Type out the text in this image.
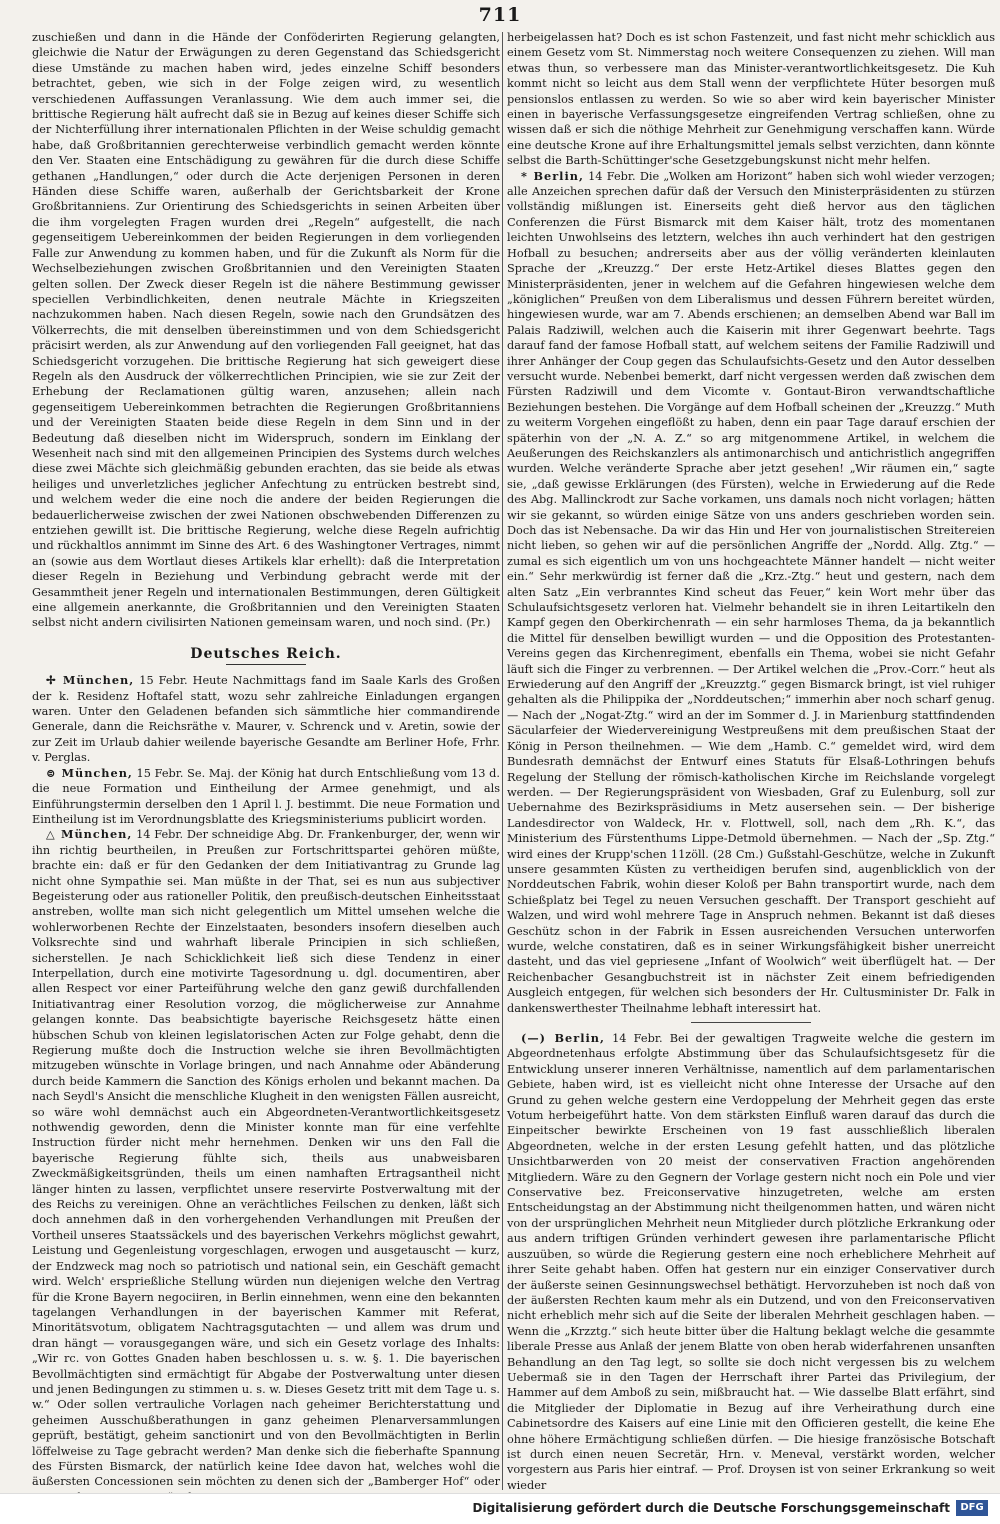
711

zuschießen und dann in die Hände der Conföderirten Regierung gelangten, gleichwie die Natur der Erwägungen zu deren Gegenstand das Schiedsgericht diese Umstände zu machen haben wird, jedes einzelne Schiff besonders betrachtet, geben, wie sich in der Folge zeigen wird, zu wesentlich verschiedenen Auffassungen Veranlassung. Wie dem auch immer sei, die brittische Regierung hält aufrecht daß sie in Bezug auf keines dieser Schiffe sich der Nichterfüllung ihrer internationalen Pflichten in der Weise schuldig gemacht habe, daß Großbritannien gerechterweise verbindlich gemacht werden könnte den Ver. Staaten eine Entschädigung zu gewähren für die durch diese Schiffe gethanen „Handlungen,“ oder durch die Acte derjenigen Personen in deren Händen diese Schiffe waren, außerhalb der Gerichtsbarkeit der Krone Großbritanniens. Zur Orientirung des Schiedsgerichts in seinen Arbeiten über die ihm vorgelegten Fragen wurden drei „Regeln“ aufgestellt, die nach gegenseitigem Uebereinkommen der beiden Regierungen in dem vorliegenden Falle zur Anwendung zu kommen haben, und für die Zukunft als Norm für die Wechselbeziehungen zwischen Großbritannien und den Vereinigten Staaten gelten sollen. Der Zweck dieser Regeln ist die nähere Bestimmung gewisser speciellen Verbindlichkeiten, denen neutrale Mächte in Kriegszeiten nachzukommen haben. Nach diesen Regeln, sowie nach den Grundsätzen des Völkerrechts, die mit denselben übereinstimmen und von dem Schiedsgericht präcisirt werden, als zur Anwendung auf den vorliegenden Fall geeignet, hat das Schiedsgericht vorzugehen. Die brittische Regierung hat sich geweigert diese Regeln als den Ausdruck der völkerrechtlichen Principien, wie sie zur Zeit der Erhebung der Reclamationen gültig waren, anzusehen; allein nach gegenseitigem Uebereinkommen betrachten die Regierungen Großbritanniens und der Vereinigten Staaten beide diese Regeln in dem Sinn und in der Bedeutung daß dieselben nicht im Widerspruch, sondern im Einklang der Wesenheit nach sind mit den allgemeinen Principien des Systems durch welches diese zwei Mächte sich gleichmäßig gebunden erachten, das sie beide als etwas heiliges und unverletzliches jeglicher Anfechtung zu entrücken bestrebt sind, und welchem weder die eine noch die andere der beiden Regierungen die bedauerlicherweise zwischen der zwei Nationen obschwebenden Differenzen zu entziehen gewillt ist. Die brittische Regierung, welche diese Regeln aufrichtig und rückhaltlos annimmt im Sinne des Art. 6 des Washingtoner Vertrages, nimmt an (sowie aus dem Wortlaut dieses Artikels klar erhellt): daß die Interpretation dieser Regeln in Beziehung und Verbindung gebracht werde mit der Gesammtheit jener Regeln und internationalen Bestimmungen, deren Gültigkeit eine allgemein anerkannte, die Großbritannien und den Vereinigten Staaten selbst nicht andern civilisirten Nationen gemeinsam waren, und noch sind. (Pr.)

Deutsches Reich.

✢ München, 15 Febr. Heute Nachmittags fand im Saale Karls des Großen der k. Residenz Hoftafel statt, wozu sehr zahlreiche Einladungen ergangen waren. Unter den Geladenen befanden sich sämmtliche hier commandirende Generale, dann die Reichsräthe v. Maurer, v. Schrenck und v. Aretin, sowie der zur Zeit im Urlaub dahier weilende bayerische Gesandte am Berliner Hofe, Frhr. v. Perglas.

⊜ München, 15 Febr. Se. Maj. der König hat durch Entschließung vom 13 d. die neue Formation und Eintheilung der Armee genehmigt, und als Einführungstermin derselben den 1 April l. J. bestimmt. Die neue Formation und Eintheilung ist im Verordnungsblatte des Kriegsministeriums publicirt worden.

△ München, 14 Febr. Der schneidige Abg. Dr. Frankenburger, der, wenn wir ihn richtig beurtheilen, in Preußen zur Fortschrittspartei gehören müßte, brachte ein: daß er für den Gedanken der dem Initiativantrag zu Grunde lag nicht ohne Sympathie sei. Man müßte in der That, sei es nun aus subjectiver Begeisterung oder aus rationeller Politik, den preußisch-deutschen Einheitsstaat anstreben, wollte man sich nicht gelegentlich um Mittel umsehen welche die wohlerworbenen Rechte der Einzelstaaten, besonders insofern dieselben auch Volksrechte sind und wahrhaft liberale Principien in sich schließen, sicherstellen. Je nach Schicklichkeit ließ sich diese Tendenz in einer Interpellation, durch eine motivirte Tagesordnung u. dgl. documentiren, aber allen Respect vor einer Parteiführung welche den ganz gewiß durchfallenden Initiativantrag einer Resolution vorzog, die möglicherweise zur Annahme gelangen konnte. Das beabsichtigte bayerische Reichsgesetz hätte einen hübschen Schub von kleinen legislatorischen Acten zur Folge gehabt, denn die Regierung mußte doch die Instruction welche sie ihren Bevollmächtigten mitzugeben wünschte in Vorlage bringen, und nach Annahme oder Abänderung durch beide Kammern die Sanction des Königs erholen und bekannt machen. Da nach Seydl's Ansicht die menschliche Klugheit in den wenigsten Fällen ausreicht, so wäre wohl demnächst auch ein Abgeordneten-Verantwortlichkeitsgesetz nothwendig geworden, denn die Minister konnte man für eine verfehlte Instruction fürder nicht mehr hernehmen. Denken wir uns den Fall die bayerische Regierung fühlte sich, theils aus unabweisbaren Zweckmäßigkeitsgründen, theils um einen namhaften Ertragsantheil nicht länger hinten zu lassen, verpflichtet unsere reservirte Postverwaltung mit der des Reichs zu vereinigen. Ohne an verächtliches Feilschen zu denken, läßt sich doch annehmen daß in den vorhergehenden Verhandlungen mit Preußen der Vortheil unseres Staatssäckels und des bayerischen Verkehrs möglichst gewahrt, Leistung und Gegenleistung vorgeschlagen, erwogen und ausgetauscht — kurz, der Endzweck mag noch so patriotisch und national sein, ein Geschäft gemacht wird. Welch' ersprießliche Stellung würden nun diejenigen welche den Vertrag für die Krone Bayern negociiren, in Berlin einnehmen, wenn eine den bekannten tagelangen Verhandlungen in der bayerischen Kammer mit Referat, Minoritätsvotum, obligatem Nachtragsgutachten — und allem was drum und dran hängt — vorausgegangen wäre, und sich ein Gesetz vorlage des Inhalts: „Wir rc. von Gottes Gnaden haben beschlossen u. s. w. §. 1. Die bayerischen Bevollmächtigten sind ermächtigt für Abgabe der Postverwaltung unter diesen und jenen Bedingungen zu stimmen u. s. w. Dieses Gesetz tritt mit dem Tage u. s. w.“ Oder sollen vertrauliche Vorlagen nach geheimer Berichterstattung und geheimen Ausschußberathungen in ganz geheimen Plenarversammlungen geprüft, bestätigt, geheim sanctionirt und von den Bevollmächtigten in Berlin löffelweise zu Tage gebracht werden? Man denke sich die fieberhafte Spannung des Fürsten Bismarck, der natürlich keine Idee davon hat, welches wohl die äußersten Concessionen sein möchten zu denen sich der „Bamberger Hof“ oder

herbeigelassen hat? Doch es ist schon Fastenzeit, und fast nicht mehr schicklich aus einem Gesetz vom St. Nimmerstag noch weitere Consequenzen zu ziehen. Will man etwas thun, so verbessere man das Minister-verantwortlichkeitsgesetz. Die Kuh kommt nicht so leicht aus dem Stall wenn der verpflichtete Hüter besorgen muß pensionslos entlassen zu werden. So wie so aber wird kein bayerischer Minister einen in bayerische Verfassungsgesetze eingreifenden Vertrag schließen, ohne zu wissen daß er sich die nöthige Mehrheit zur Genehmigung verschaffen kann. Würde eine deutsche Krone auf ihre Erhaltungsmittel jemals selbst verzichten, dann könnte selbst die Barth-Schüttinger'sche Gesetzgebungskunst nicht mehr helfen.

* Berlin, 14 Febr. Die „Wolken am Horizont“ haben sich wohl wieder verzogen; alle Anzeichen sprechen dafür daß der Versuch den Ministerpräsidenten zu stürzen vollständig mißlungen ist. Einerseits geht dieß hervor aus den täglichen Conferenzen die Fürst Bismarck mit dem Kaiser hält, trotz des momentanen leichten Unwohlseins des letztern, welches ihn auch verhindert hat den gestrigen Hofball zu besuchen; andrerseits aber aus der völlig veränderten kleinlauten Sprache der „Kreuzzg.“ Der erste Hetz-Artikel dieses Blattes gegen den Ministerpräsidenten, jener in welchem auf die Gefahren hingewiesen welche dem „königlichen“ Preußen von dem Liberalismus und dessen Führern bereitet würden, hingewiesen wurde, war am 7. Abends erschienen; an demselben Abend war Ball im Palais Radziwill, welchen auch die Kaiserin mit ihrer Gegenwart beehrte. Tags darauf fand der famose Hofball statt, auf welchem seitens der Familie Radziwill und ihrer Anhänger der Coup gegen das Schulaufsichts-Gesetz und den Autor desselben versucht wurde. Nebenbei bemerkt, darf nicht vergessen werden daß zwischen dem Fürsten Radziwill und dem Vicomte v. Gontaut-Biron verwandtschaftliche Beziehungen bestehen. Die Vorgänge auf dem Hofball scheinen der „Kreuzzg.“ Muth zu weiterm Vorgehen eingeflößt zu haben, denn ein paar Tage darauf erschien der späterhin von der „N. A. Z.“ so arg mitgenommene Artikel, in welchem die Aeußerungen des Reichskanzlers als antimonarchisch und antichristlich angegriffen wurden. Welche veränderte Sprache aber jetzt gesehen! „Wir räumen ein,“ sagte sie, „daß gewisse Erklärungen (des Fürsten), welche in Erwiederung auf die Rede des Abg. Mallinckrodt zur Sache vorkamen, uns damals noch nicht vorlagen; hätten wir sie gekannt, so würden einige Sätze von uns anders geschrieben worden sein. Doch das ist Nebensache. Da wir das Hin und Her von journalistischen Streitereien nicht lieben, so gehen wir auf die persönlichen Angriffe der „Nordd. Allg. Ztg.“ — zumal es sich eigentlich um von uns hochgeachtete Männer handelt — nicht weiter ein.“ Sehr merkwürdig ist ferner daß die „Krz.-Ztg.“ heut und gestern, nach dem alten Satz „Ein verbranntes Kind scheut das Feuer,“ kein Wort mehr über das Schulaufsichtsgesetz verloren hat. Vielmehr behandelt sie in ihren Leitartikeln den Kampf gegen den Oberkirchenrath — ein sehr harmloses Thema, da ja bekanntlich die Mittel für denselben bewilligt wurden — und die Opposition des Protestanten-Vereins gegen das Kirchenregiment, ebenfalls ein Thema, wobei sie nicht Gefahr läuft sich die Finger zu verbrennen. — Der Artikel welchen die „Prov.-Corr.“ heut als Erwiederung auf den Angriff der „Kreuzztg.“ gegen Bismarck bringt, ist viel ruhiger gehalten als die Philippika der „Norddeutschen;“ immerhin aber noch scharf genug. — Nach der „Nogat-Ztg.“ wird an der im Sommer d. J. in Marienburg stattfindenden Säcularfeier der Wiedervereinigung Westpreußens mit dem preußischen Staat der König in Person theilnehmen. — Wie dem „Hamb. C.“ gemeldet wird, wird dem Bundesrath demnächst der Entwurf eines Statuts für Elsaß-Lothringen behufs Regelung der Stellung der römisch-katholischen Kirche im Reichslande vorgelegt werden. — Der Regierungspräsident von Wiesbaden, Graf zu Eulenburg, soll zur Uebernahme des Bezirkspräsidiums in Metz ausersehen sein. — Der bisherige Landesdirector von Waldeck, Hr. v. Flottwell, soll, nach dem „Rh. K.“, das Ministerium des Fürstenthums Lippe-Detmold übernehmen. — Nach der „Sp. Ztg.“ wird eines der Krupp'schen 11zöll. (28 Cm.) Gußstahl-Geschütze, welche in Zukunft unsere gesammten Küsten zu vertheidigen berufen sind, augenblicklich von der Norddeutschen Fabrik, wohin dieser Koloß per Bahn transportirt wurde, nach dem Schießplatz bei Tegel zu neuen Versuchen geschafft. Der Transport geschieht auf Walzen, und wird wohl mehrere Tage in Anspruch nehmen. Bekannt ist daß dieses Geschütz schon in der Fabrik in Essen ausreichenden Versuchen unterworfen wurde, welche constatiren, daß es in seiner Wirkungsfähigkeit bisher unerreicht dasteht, und das viel gepriesene „Infant of Woolwich“ weit überflügelt hat. — Der Reichenbacher Gesangbuchstreit ist in nächster Zeit einem befriedigenden Ausgleich entgegen, für welchen sich besonders der Hr. Cultusminister Dr. Falk in dankenswerthester Theilnahme lebhaft interessirt hat.

(—) Berlin, 14 Febr. Bei der gewaltigen Tragweite welche die gestern im Abgeordnetenhaus erfolgte Abstimmung über das Schulaufsichtsgesetz für die Entwicklung unserer inneren Verhältnisse, namentlich auf dem parlamentarischen Gebiete, haben wird, ist es vielleicht nicht ohne Interesse der Ursache auf den Grund zu gehen welche gestern eine Verdoppelung der Mehrheit gegen das erste Votum herbeigeführt hatte. Von dem stärksten Einfluß waren darauf das durch die Einpeitscher bewirkte Erscheinen von 19 fast ausschließlich liberalen Abgeordneten, welche in der ersten Lesung gefehlt hatten, und das plötzliche Unsichtbarwerden von 20 meist der conservativen Fraction angehörenden Mitgliedern. Wäre zu den Gegnern der Vorlage gestern nicht noch ein Pole und vier Conservative bez. Freiconservative hinzugetreten, welche am ersten Entscheidungstag an der Abstimmung nicht theilgenommen hatten, und wären nicht von der ursprünglichen Mehrheit neun Mitglieder durch plötzliche Erkrankung oder aus andern triftigen Gründen verhindert gewesen ihre parlamentarische Pflicht auszuüben, so würde die Regierung gestern eine noch erheblichere Mehrheit auf ihrer Seite gehabt haben. Offen hat gestern nur ein einziger Conservativer durch der äußerste seinen Gesinnungswechsel bethätigt. Hervorzuheben ist noch daß von der äußersten Rechten kaum mehr als ein Dutzend, und von den Freiconservativen nicht erheblich mehr sich auf die Seite der liberalen Mehrheit geschlagen haben. — Wenn die „Krzztg.“ sich heute bitter über die Haltung beklagt welche die gesammte liberale Presse aus Anlaß der jenem Blatte von oben herab widerfahrenen unsanften Behandlung an den Tag legt, so sollte sie doch nicht vergessen bis zu welchem Uebermaß sie in den Tagen der Herrschaft ihrer Partei das Privilegium, der Hammer auf dem Amboß zu sein, mißbraucht hat. — Wie dasselbe Blatt erfährt, sind die Mitglieder der Diplomatie in Bezug auf ihre Verheirathung durch eine Cabinetsordre des Kaisers auf eine Linie mit den Officieren gestellt, die keine Ehe ohne höhere Ermächtigung schließen dürfen. — Die hiesige französische Botschaft ist durch einen neuen Secretär, Hrn. v. Meneval, verstärkt worden, welcher vorgestern aus Paris hier eintraf. — Prof. Droysen ist von seiner Erkrankung so weit wieder

Digitalisierung gefördert durch die Deutsche Forschungsgemeinschaft	DFG
